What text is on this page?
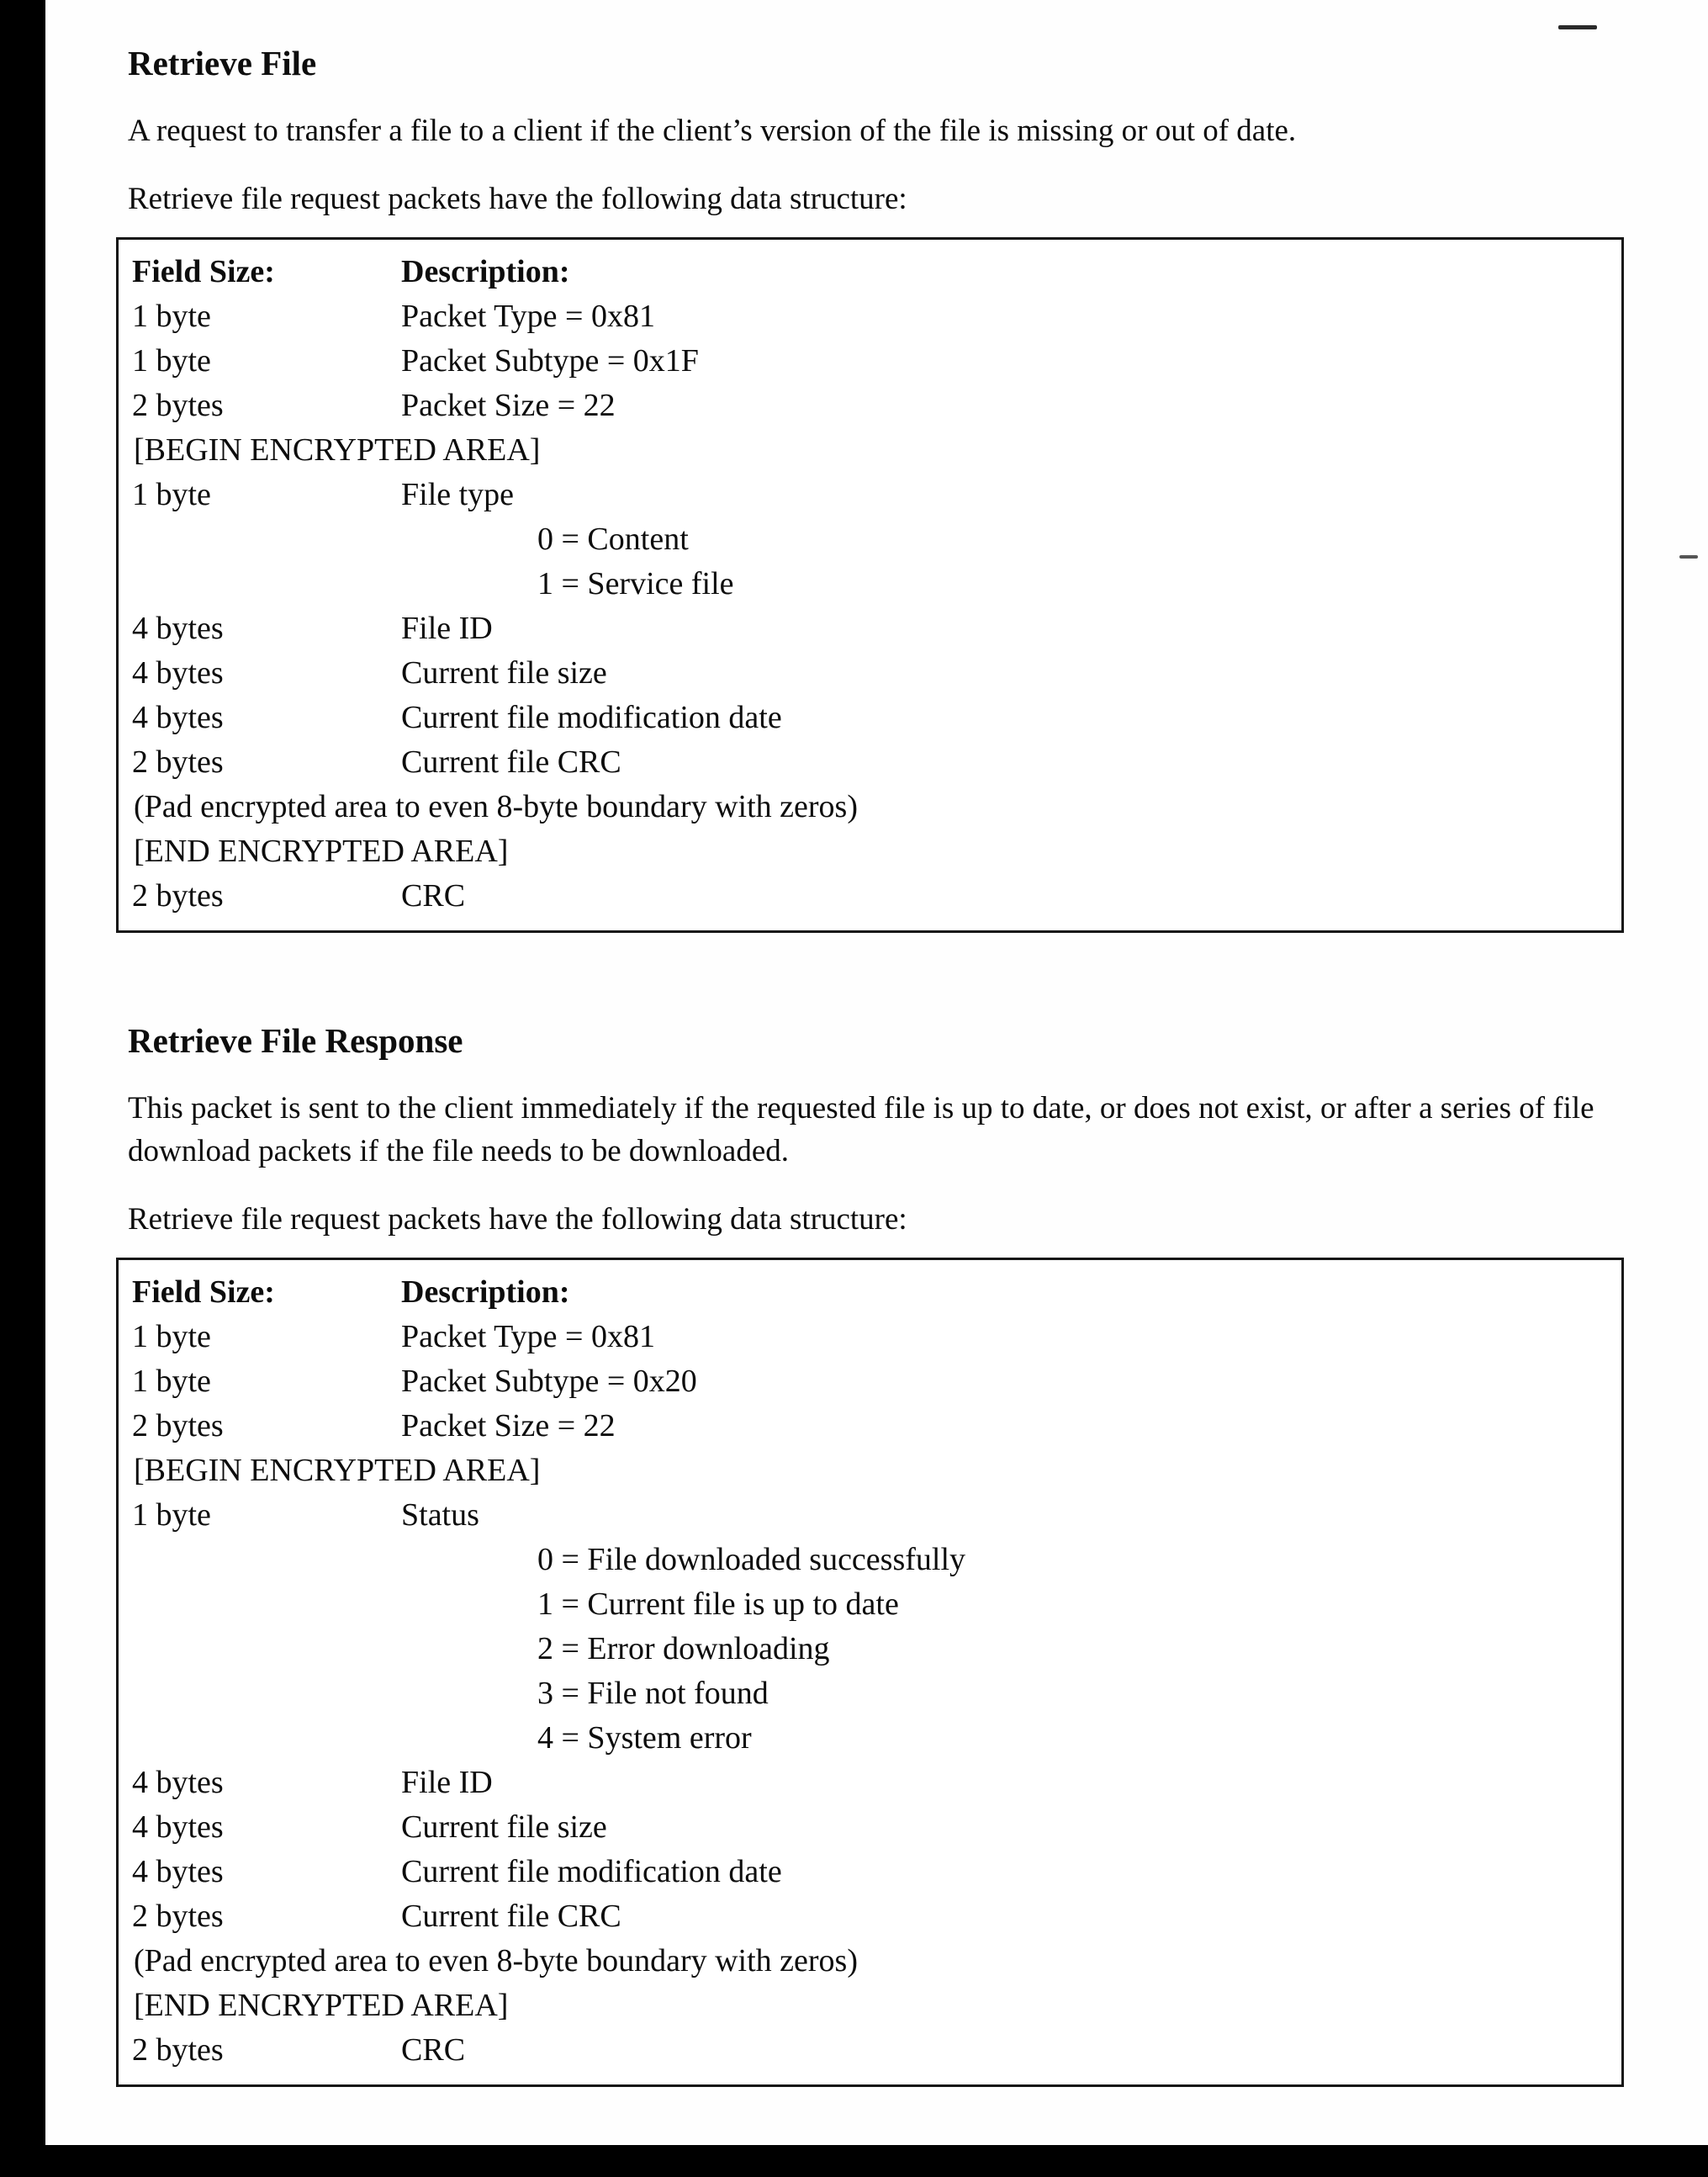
Retrieve File

A request to transfer a file to a client if the client’s version of the file is missing or out of date.

Retrieve file request packets have the following data structure:

Field Size:	Description:
1 byte	Packet Type = 0x81
1 byte	Packet Subtype = 0x1F
2 bytes	Packet Size = 22
[BEGIN ENCRYPTED AREA]
1 byte	File type
0 = Content
1 = Service file
4 bytes	File ID
4 bytes	Current file size
4 bytes	Current file modification date
2 bytes	Current file CRC
(Pad encrypted area to even 8-byte boundary with zeros)
[END ENCRYPTED AREA]
2 bytes	CRC
Retrieve File Response

This packet is sent to the client immediately if the requested file is up to date, or does not exist, or after a series of file download packets if the file needs to be downloaded.

Retrieve file request packets have the following data structure:

Field Size:	Description:
1 byte	Packet Type = 0x81
1 byte	Packet Subtype = 0x20
2 bytes	Packet Size = 22
[BEGIN ENCRYPTED AREA]
1 byte	Status
0 = File downloaded successfully
1 = Current file is up to date
2 = Error downloading
3 = File not found
4 = System error
4 bytes	File ID
4 bytes	Current file size
4 bytes	Current file modification date
2 bytes	Current file CRC
(Pad encrypted area to even 8-byte boundary with zeros)
[END ENCRYPTED AREA]
2 bytes	CRC
